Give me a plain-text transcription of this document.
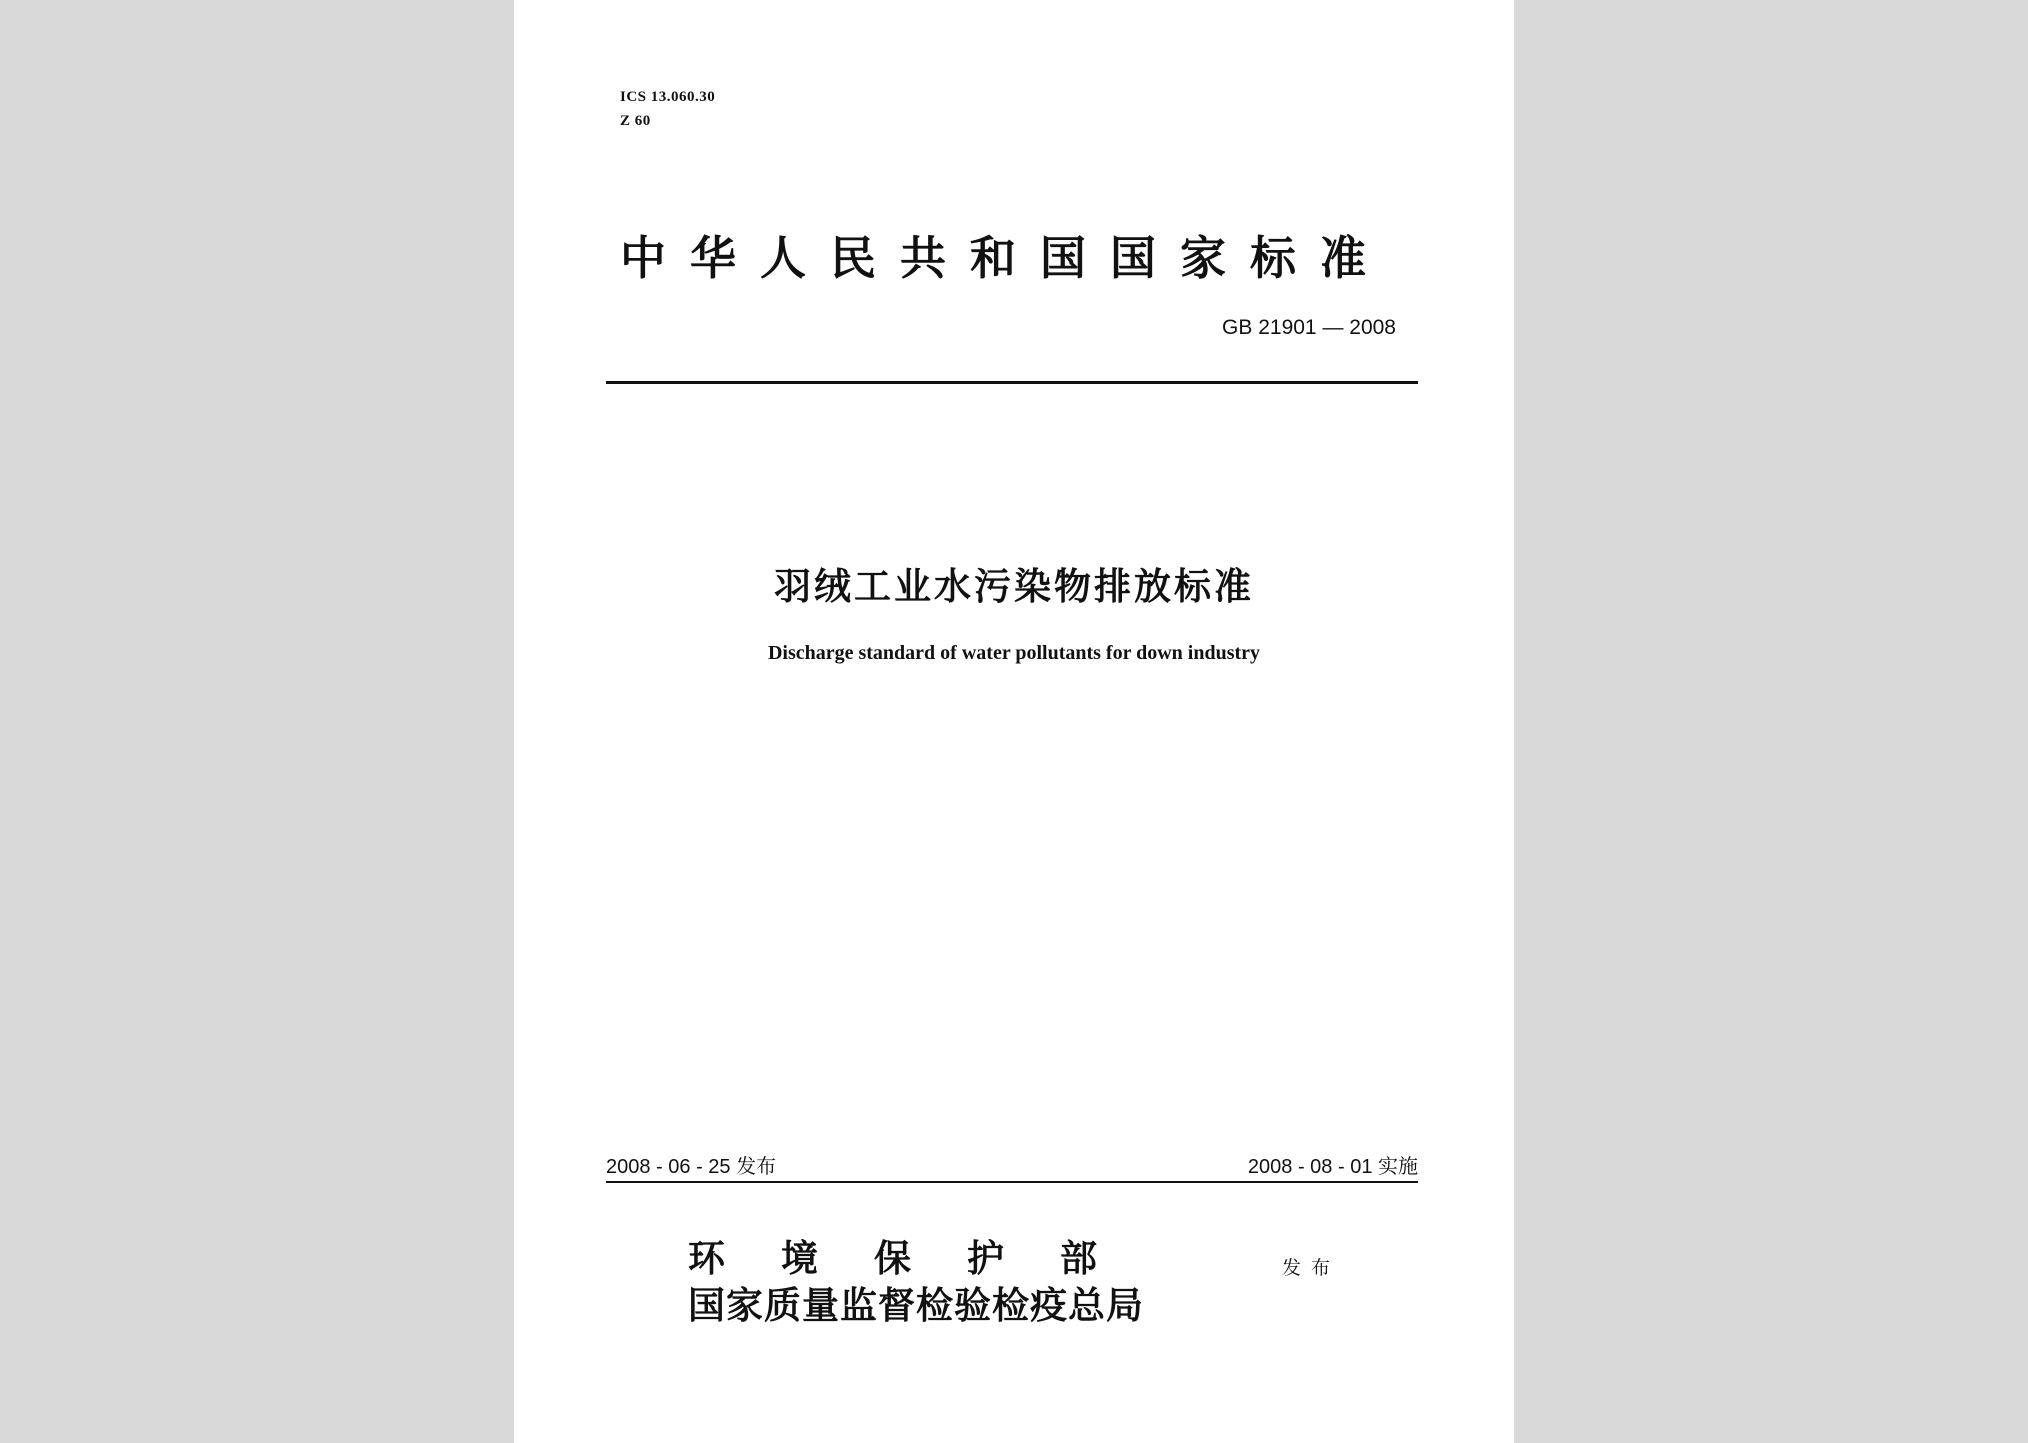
ICS 13.060.30
Z 60
中华人民共和国国家标准
GB 21901 — 2008
羽绒工业水污染物排放标准
Discharge standard of water pollutants for down industry
2008 - 06 - 25 发布	2008 - 08 - 01 实施
环境保护部
国家质量监督检验检疫总局
发布
